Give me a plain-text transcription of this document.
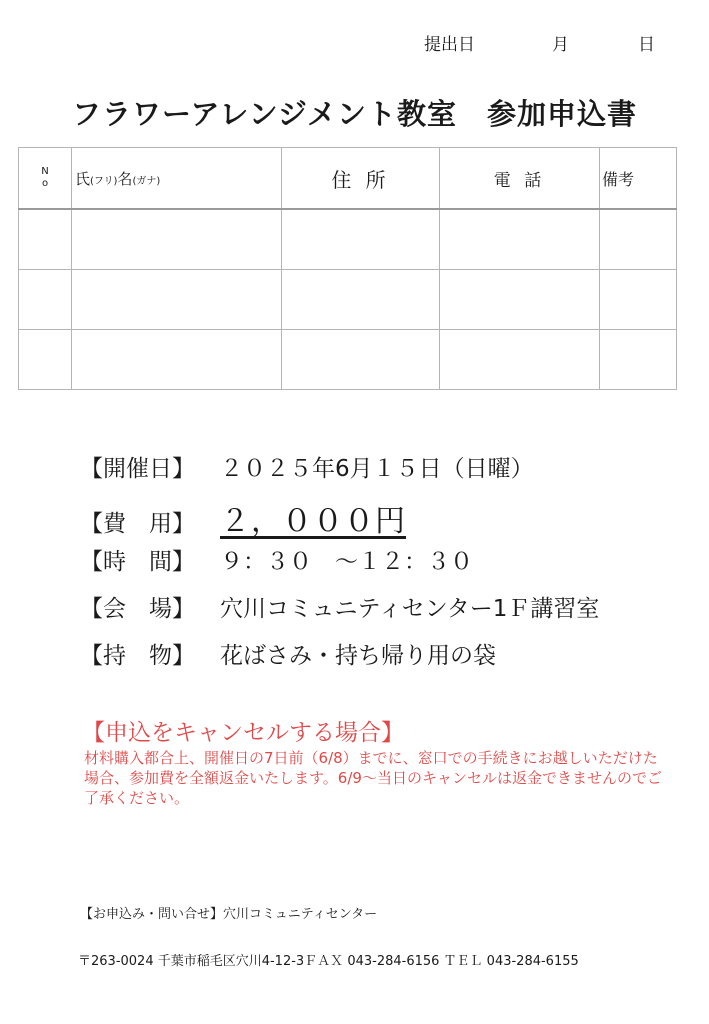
提出日	月	日
フラワーアレンジメント教室　参加申込書
N
o	氏(フリ)名(ガナ)	住 所	電 話	備考

【開催日】 ２０２５年6月１５日（日曜）
【費　用】 ２，０００円
【時　間】 ９：３０　～１２：３０
【会　場】 穴川コミュニティセンター1Ｆ講習室
【持　物】 花ばさみ・持ち帰り用の袋
【申込をキャンセルする場合】
材料購入都合上、開催日の7日前（6/8）までに、窓口での手続きにお越しいただけた場合、参加費を全額返金いたします。6/9～当日のキャンセルは返金できませんのでご了承ください。
【お申込み・問い合せ】穴川コミュニティセンター
〒263-0024 千葉市稲毛区穴川4-12-3ＦＡＸ 043-284-6156 ＴＥＬ 043-284-6155
